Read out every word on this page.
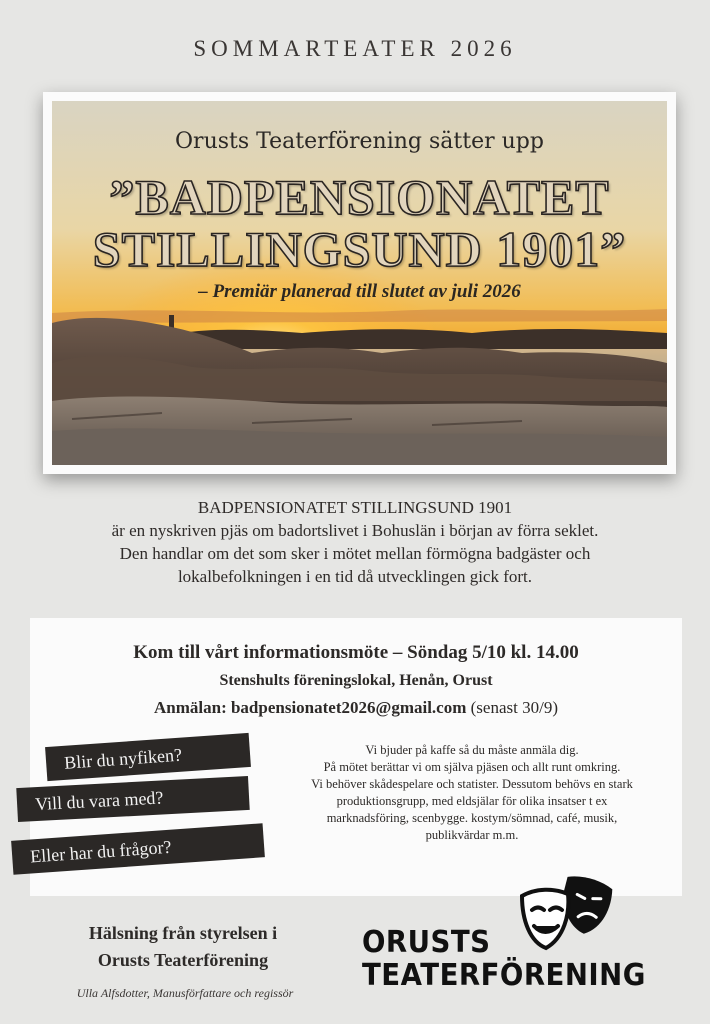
SOMMARTEATER 2026
Orusts Teaterförening sätter upp
”BADPENSIONATET
STILLINGSUND 1901”
– Premiär planerad till slutet av juli 2026
BADPENSIONATET STILLINGSUND 1901
är en nyskriven pjäs om badortslivet i Bohuslän i början av förra seklet.
Den handlar om det som sker i mötet mellan förmögna badgäster och
lokalbefolkningen i en tid då utvecklingen gick fort.
Kom till vårt informationsmöte – Söndag 5/10 kl. 14.00
Stenshults föreningslokal, Henån, Orust
Anmälan: badpensionatet2026@gmail.com (senast 30/9)
Vi bjuder på kaffe så du måste anmäla dig.
På mötet berättar vi om själva pjäsen och allt runt omkring.
Vi behöver skådespelare och statister. Dessutom behövs en stark
produktionsgrupp, med eldsjälar för olika insatser t ex
marknadsföring, scenbygge. kostym/sömnad, café, musik,
publikvärdar m.m.
Blir du nyfiken?
Vill du vara med?
Eller har du frågor?
Hälsning från styrelsen i
Orusts Teaterförening
Ulla Alfsdotter, Manusförfattare och regissör
ORUSTS
TEATERFÖRENING
